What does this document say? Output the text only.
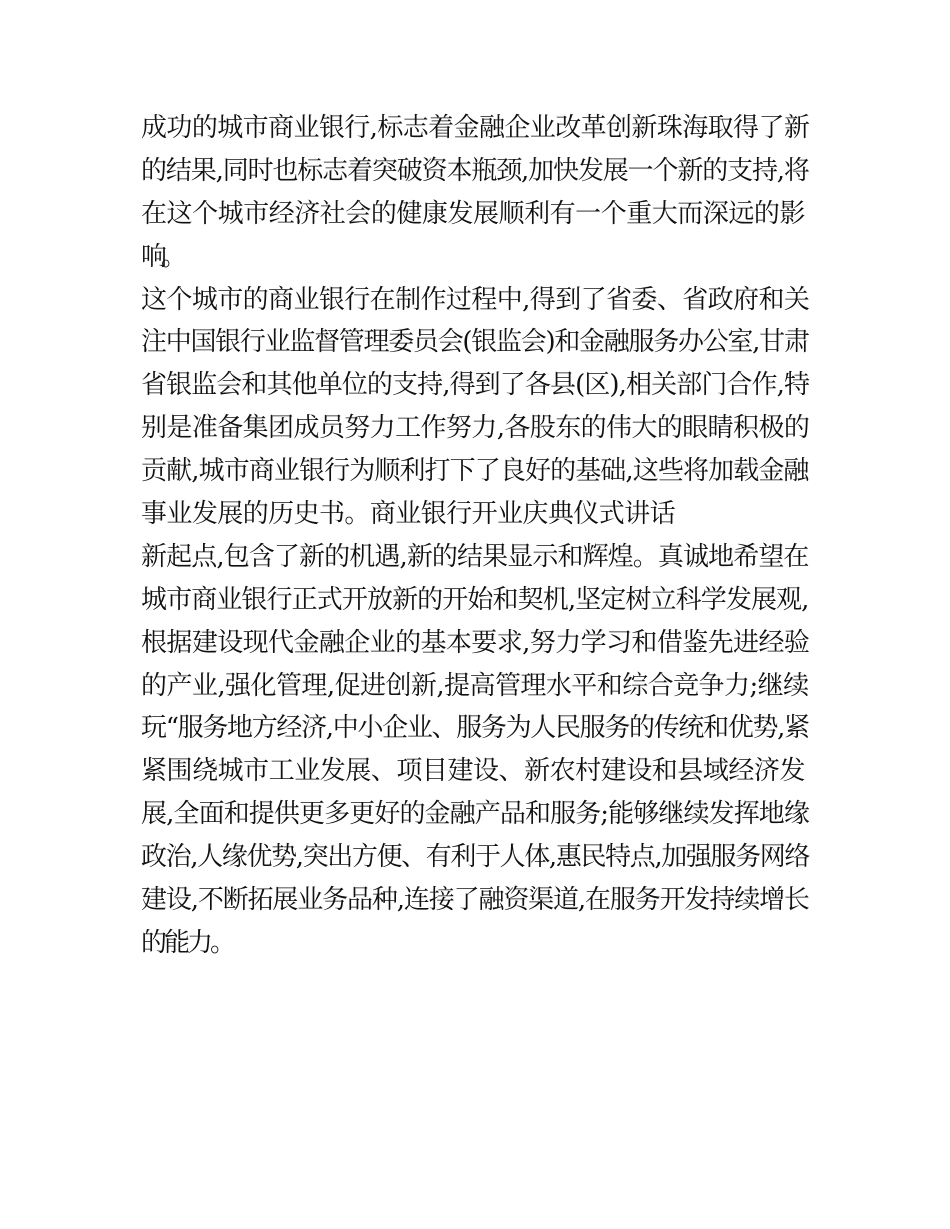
成功的城市商业银行,标志着金融企业改革创新珠海取得了新
的结果,同时也标志着突破资本瓶颈,加快发展一个新的支持,将
在这个城市经济社会的健康发展顺利有一个重大而深远的影
响。
这个城市的商业银行在制作过程中,得到了省委、省政府和关
注中国银行业监督管理委员会(银监会)和金融服务办公室,甘肃
省银监会和其他单位的支持,得到了各县(区),相关部门合作,特
别是准备集团成员努力工作努力,各股东的伟大的眼睛积极的
贡献,城市商业银行为顺利打下了良好的基础,这些将加载金融
事业发展的历史书。商业银行开业庆典仪式讲话
新起点,包含了新的机遇,新的结果显示和辉煌。真诚地希望在
城市商业银行正式开放新的开始和契机,坚定树立科学发展观,
根据建设现代金融企业的基本要求,努力学习和借鉴先进经验
的产业,强化管理,促进创新,提高管理水平和综合竞争力;继续
玩“服务地方经济,中小企业、服务为人民服务的传统和优势,紧
紧围绕城市工业发展、项目建设、新农村建设和县域经济发
展,全面和提供更多更好的金融产品和服务;能够继续发挥地缘
政治,人缘优势,突出方便、有利于人体,惠民特点,加强服务网络
建设,不断拓展业务品种,连接了融资渠道,在服务开发持续增长
的能力。
